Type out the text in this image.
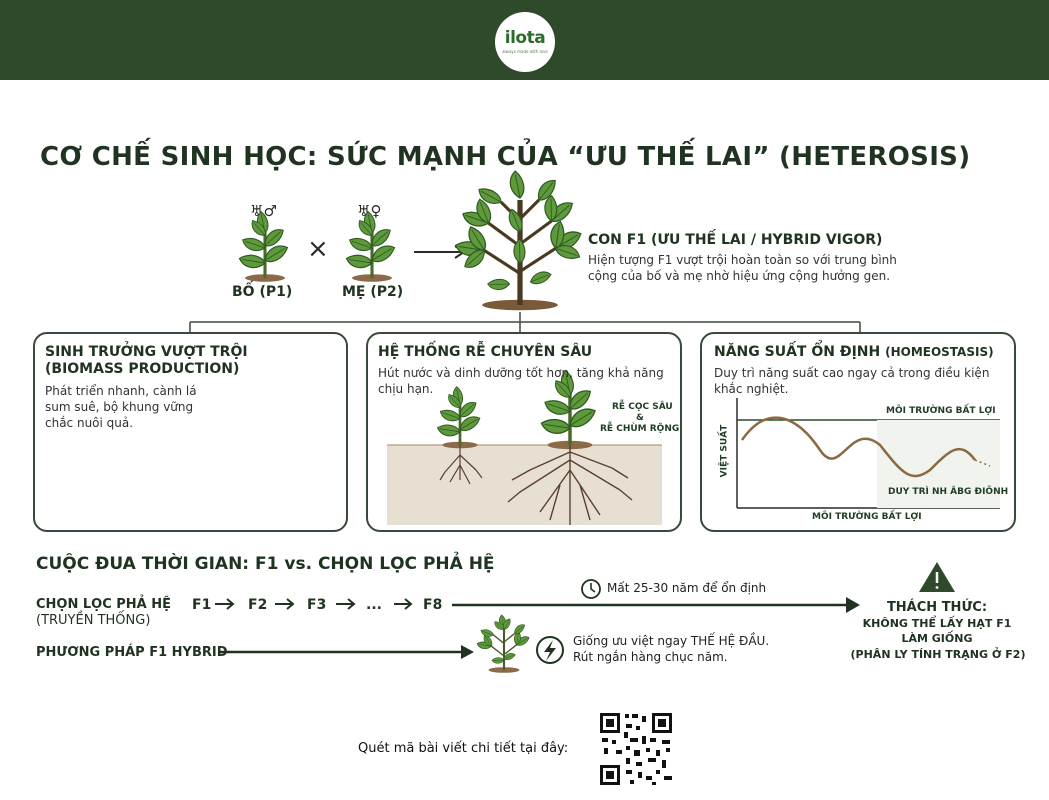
ilota
always made with love
CƠ CHẾ SINH HỌC: SỨC MẠNH CỦA “ƯU THẾ LAI” (HETEROSIS)
♅♂	♅♀
×
BỐ (P1)	MẸ (P2)
CON F1 (ƯU THẾ LAI / HYBRID VIGOR)
Hiện tượng F1 vượt trội hoàn toàn so với trung bình
cộng của bố và mẹ nhờ hiệu ứng cộng hưởng gen.
SINH TRƯỞNG VƯỢT TRỘI
(BIOMASS PRODUCTION)
Phát triển nhanh, cành lá
sum suê, bộ khung vững
chắc nuôi quả.
HỆ THỐNG RỄ CHUYÊN SÂU
Hút nước và dinh dưỡng tốt hơn, tăng khả năng
chịu hạn.
RỄ CỌC SÂU
&
RỄ CHÙM RỘNG
NĂNG SUẤT ỔN ĐỊNH (HOMEOSTASIS)
Duy trì năng suất cao ngay cả trong điều kiện
khắc nghiệt.
MÔI TRƯỜNG BẤT LỢI
VIỆT SUẤT
DUY TRÌ NH ÂBG ĐIÕNH
MÔI TRƯỜNG BẤT LỢI
CUỘC ĐUA THỜI GIAN: F1 vs. CHỌN LỌC PHẢ HỆ
CHỌN LỌC PHẢ HỆ
(TRUYỀN THỐNG)
F1	F2	F3	...	F8
Mất 25-30 năm để ổn định
PHƯƠNG PHÁP F1 HYBRID
Giống ưu việt ngay THẾ HỆ ĐẦU.
Rút ngắn hàng chục năm.
THÁCH THỨC:
KHÔNG THỂ LẤY HẠT F1
LÀM GIỐNG
(PHÂN LY TÍNH TRẠNG Ở F2)
Quét mã bài viết chi tiết tại đây:
